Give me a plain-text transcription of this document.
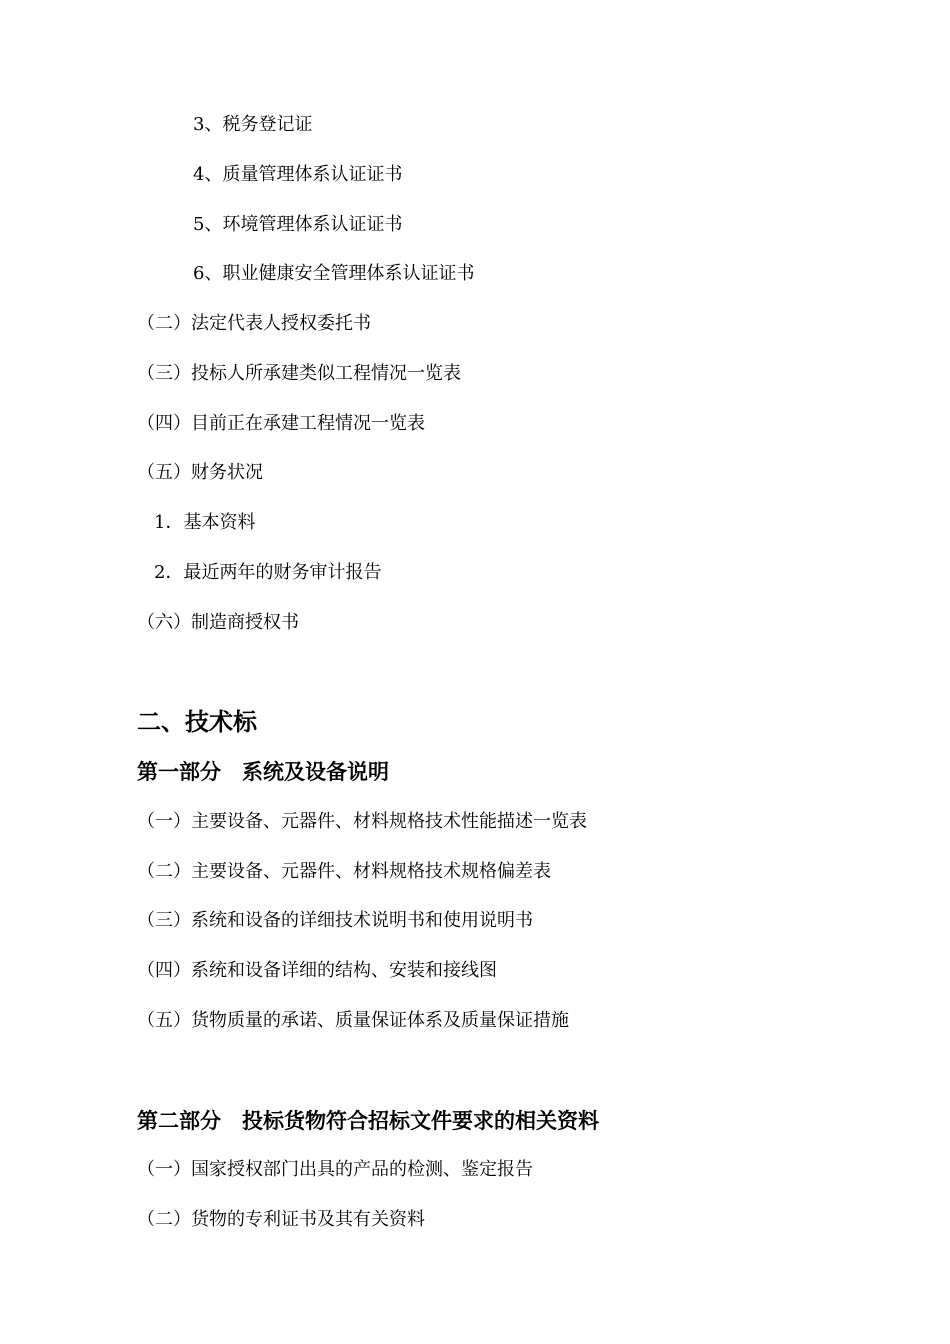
3、税务登记证
4、质量管理体系认证证书
5、环境管理体系认证证书
6、职业健康安全管理体系认证证书
（二）法定代表人授权委托书
（三）投标人所承建类似工程情况一览表
（四）目前正在承建工程情况一览表
（五）财务状况
1．基本资料
2．最近两年的财务审计报告
（六）制造商授权书
二、技术标
第一部分　系统及设备说明
（一）主要设备、元器件、材料规格技术性能描述一览表
（二）主要设备、元器件、材料规格技术规格偏差表
（三）系统和设备的详细技术说明书和使用说明书
（四）系统和设备详细的结构、安装和接线图
（五）货物质量的承诺、质量保证体系及质量保证措施
第二部分　投标货物符合招标文件要求的相关资料
（一）国家授权部门出具的产品的检测、鉴定报告
（二）货物的专利证书及其有关资料
